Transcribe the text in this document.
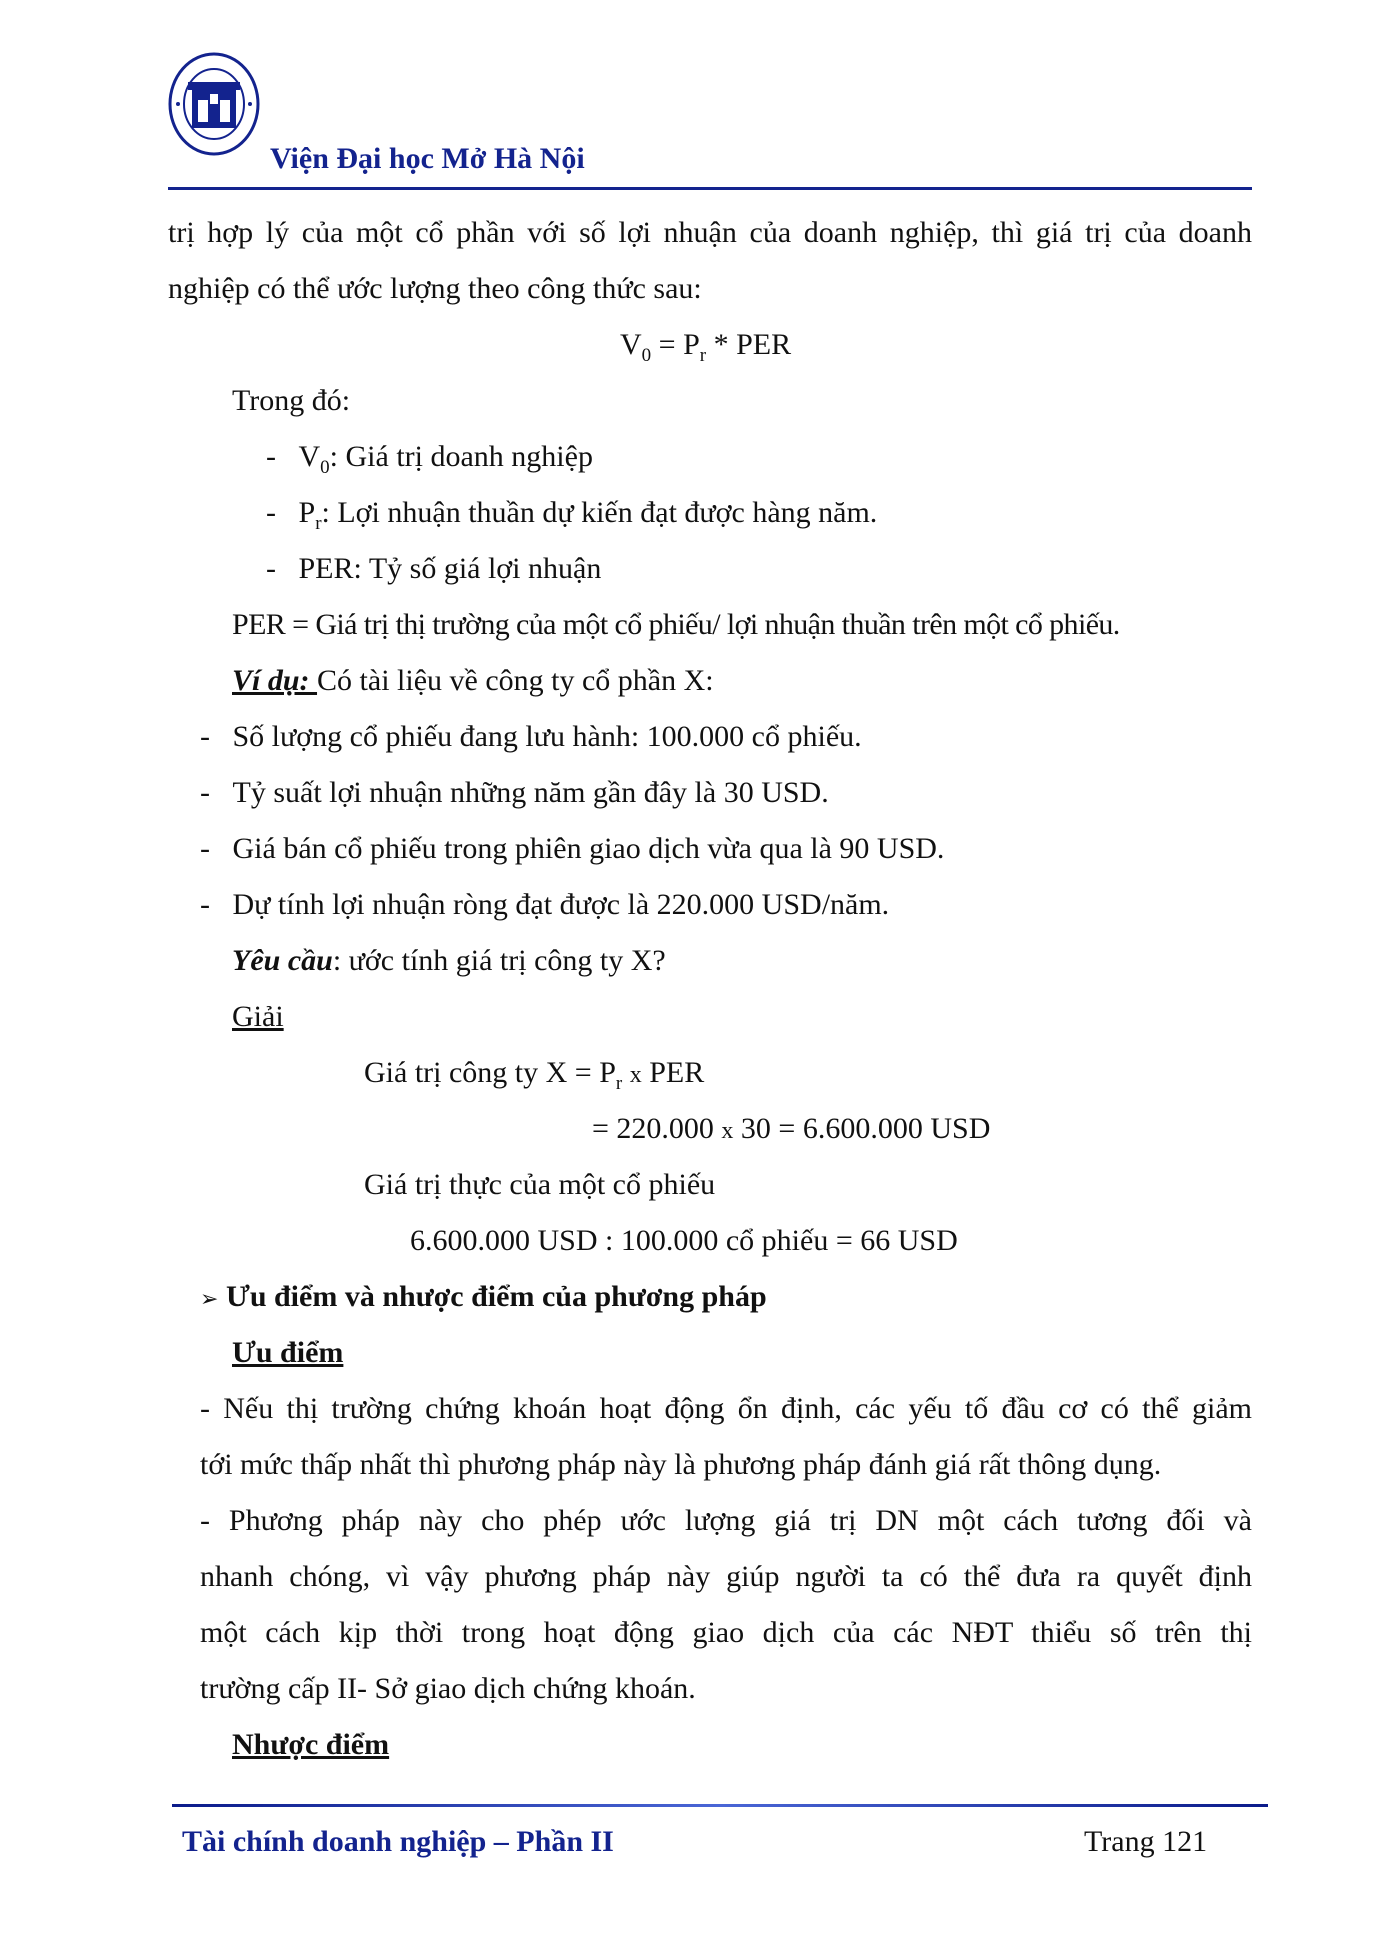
Viện Đại học Mở Hà Nội
trị hợp lý của một cổ phần với số lợi nhuận của doanh nghiệp, thì giá trị của doanh
nghiệp có thể ước lượng theo công thức sau:
$V_0 = P_r$ * PER
Trong đó:
- $V_0$: Giá trị doanh nghiệp
- $P_r$: Lợi nhuận thuần dự kiến đạt được hàng năm.
- PER: Tỷ số giá lợi nhuận
PER = Giá trị thị trường của một cổ phiếu/ lợi nhuận thuần trên một cổ phiếu.
Ví dụ: Có tài liệu về công ty cổ phần X:
- Số lượng cổ phiếu đang lưu hành: 100.000 cổ phiếu.
- Tỷ suất lợi nhuận những năm gần đây là 30 USD.
- Giá bán cổ phiếu trong phiên giao dịch vừa qua là 90 USD.
- Dự tính lợi nhuận ròng đạt được là 220.000 USD/năm.
Yêu cầu: ước tính giá trị công ty X?
Giải
Giá trị công ty $X = P_r$ x PER
= 220.000 x 30 = 6.600.000 USD
Giá trị thực của một cổ phiếu
6.600.000 USD : 100.000 cổ phiếu = 66 USD
➢ Ưu điểm và nhược điểm của phương pháp
Ưu điểm
- Nếu thị trường chứng khoán hoạt động ổn định, các yếu tố đầu cơ có thể giảm
tới mức thấp nhất thì phương pháp này là phương pháp đánh giá rất thông dụng.
- Phương pháp này cho phép ước lượng giá trị DN một cách tương đối và
nhanh chóng, vì vậy phương pháp này giúp người ta có thể đưa ra quyết định
một cách kịp thời trong hoạt động giao dịch của các NĐT thiểu số trên thị
trường cấp II- Sở giao dịch chứng khoán.
Nhược điểm
Tài chính doanh nghiệp – Phần II	Trang 121
